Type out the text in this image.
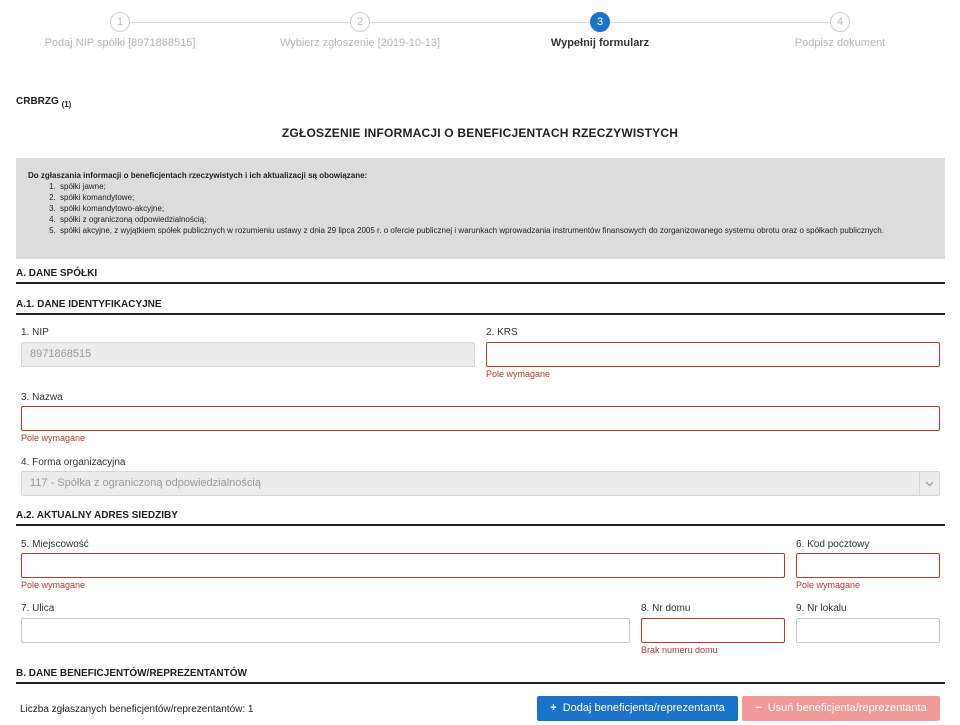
1
Podaj NIP spółki [8971868515]
2
Wybierz zgłoszenie [2019-10-13]
3
Wypełnij formularz
4
Podpisz dokument
CRBRZG $_{(1)}$
ZGŁOSZENIE INFORMACJI O BENEFICJENTACH RZECZYWISTYCH
Do zgłaszania informacji o beneficjentach rzeczywistych i ich aktualizacji są obowiązane:
1. spółki jawne;
2. spółki komandytowe;
3. spółki komandytowo-akcyjne;
4. spółki z ograniczoną odpowiedzialnością;
5. spółki akcyjne, z wyjątkiem spółek publicznych w rozumieniu ustawy z dnia 29 lipca 2005 r. o ofercie publicznej i warunkach wprowadzania instrumentów finansowych do zorganizowanego systemu obrotu oraz o spółkach publicznych.
A. DANE SPÓŁKI
A.1. DANE IDENTYFIKACYJNE
1. NIP
8971868515
2. KRS
Pole wymagane
3. Nazwa
Pole wymagane
4. Forma organizacyjna
117 - Spółka z ograniczoną odpowiedzialnością
A.2. AKTUALNY ADRES SIEDZIBY
5. Miejscowość
Pole wymagane
6. Kod pocztowy
Pole wymagane
7. Ulica	8. Nr domu
Brak numeru domu
9. Nr lokalu
B. DANE BENEFICJENTÓW/REPREZENTANTÓW
Liczba zgłaszanych beneficjentów/reprezentantów: 1	+ Dodaj beneficjenta/reprezentanta	− Usuń beneficjenta/reprezentanta
